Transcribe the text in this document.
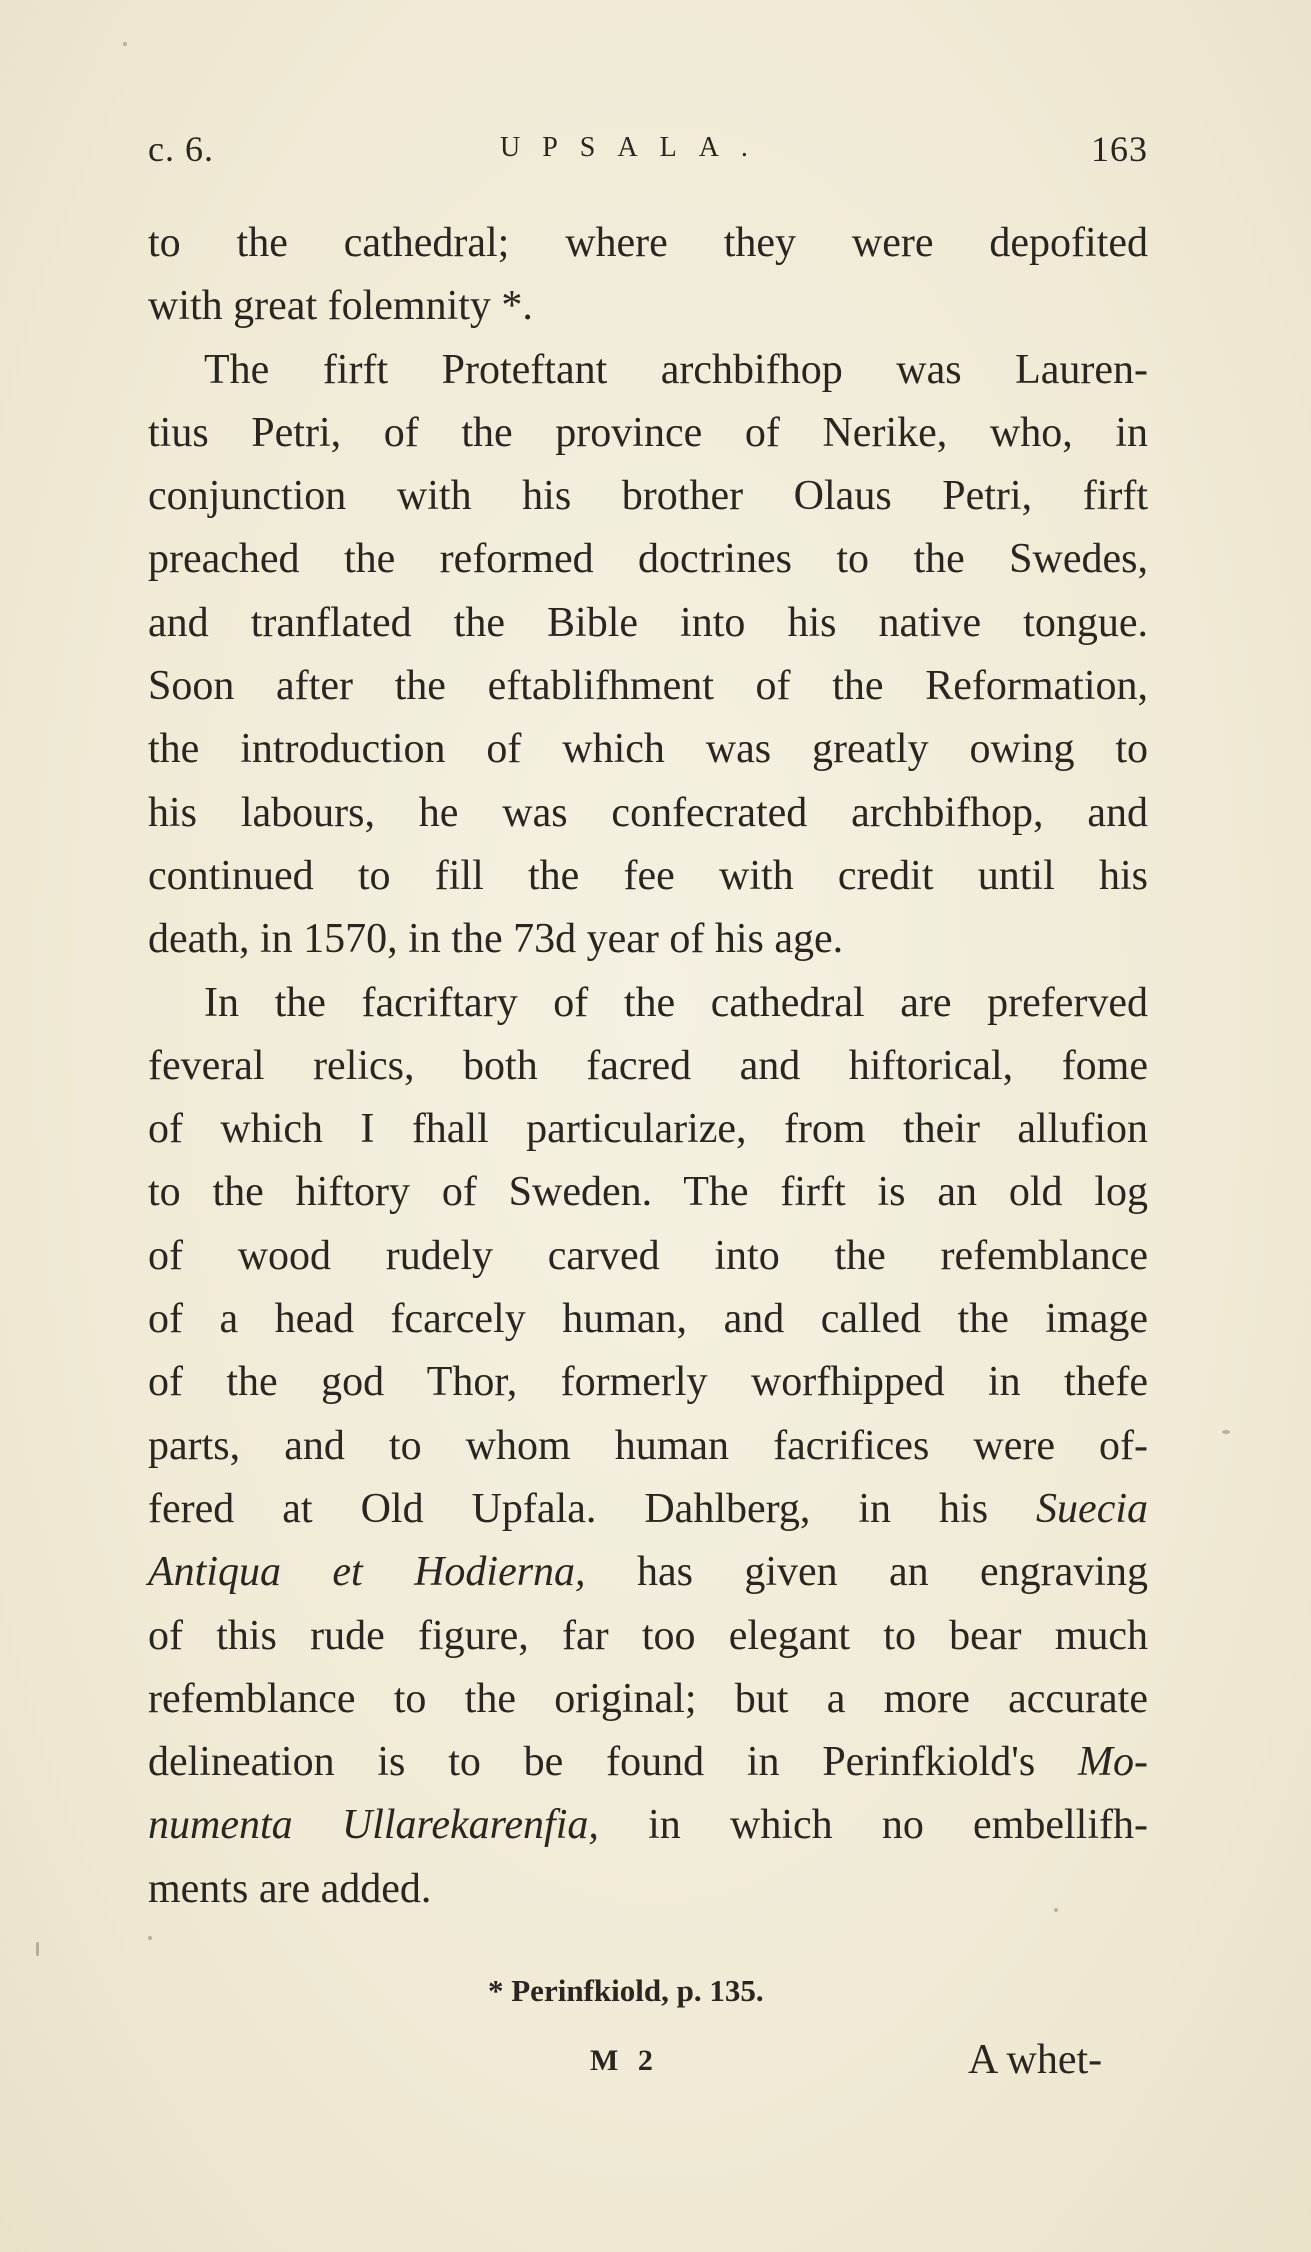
c. 6.	UPSALA.	163
to the cathedral; where they were depofited
with great folemnity *.
The firft Proteftant archbifhop was Lauren-
tius Petri, of the province of Nerike, who, in
conjunction with his brother Olaus Petri, firft
preached the reformed doctrines to the Swedes,
and tranflated the Bible into his native tongue.
Soon after the eftablifhment of the Reformation,
the introduction of which was greatly owing to
his labours, he was confecrated archbifhop, and
continued to fill the fee with credit until his
death, in 1570, in the 73d year of his age.
In the facriftary of the cathedral are preferved
feveral relics, both facred and hiftorical, fome
of which I fhall particularize, from their allufion
to the hiftory of Sweden. The firft is an old log
of wood rudely carved into the refemblance
of a head fcarcely human, and called the image
of the god Thor, formerly worfhipped in thefe
parts, and to whom human facrifices were of-
fered at Old Upfala. Dahlberg, in his Suecia
Antiqua et Hodierna, has given an engraving
of this rude figure, far too elegant to bear much
refemblance to the original; but a more accurate
delineation is to be found in Perinfkiold's Mo-
numenta Ullarekarenfia, in which no embellifh-
ments are added.
* Perinfkiold, p. 135.
M 2	A whet-
